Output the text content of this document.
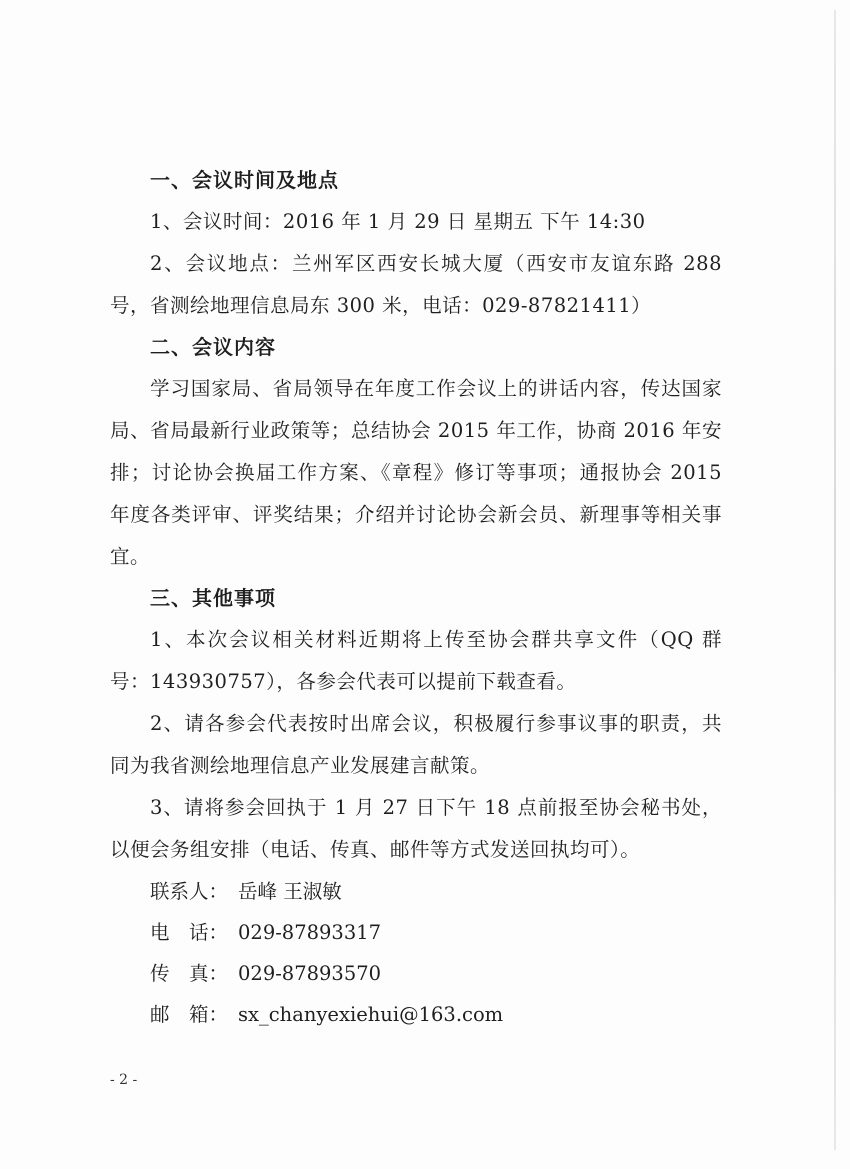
一、会议时间及地点

1、会议时间：2016 年 1 月 29 日 星期五 下午 14:30

2、会议地点：兰州军区西安长城大厦（西安市友谊东路 288 号，省测绘地理信息局东 300 米，电话：029-87821411）

二、会议内容

学习国家局、省局领导在年度工作会议上的讲话内容，传达国家局、省局最新行业政策等；总结协会 2015 年工作，协商 2016 年安排；讨论协会换届工作方案、《章程》修订等事项；通报协会 2015 年度各类评审、评奖结果；介绍并讨论协会新会员、新理事等相关事宜。

三、其他事项

1、本次会议相关材料近期将上传至协会群共享文件（QQ 群号：143930757），各参会代表可以提前下载查看。

2、请各参会代表按时出席会议，积极履行参事议事的职责，共同为我省测绘地理信息产业发展建言献策。

3、请将参会回执于 1 月 27 日下午 18 点前报至协会秘书处，以便会务组安排（电话、传真、邮件等方式发送回执均可）。

联系人： 岳峰 王淑敏
电　话： 029-87893317
传　真： 029-87893570
邮　箱： sx_chanyexiehui@163.com
- 2 -
